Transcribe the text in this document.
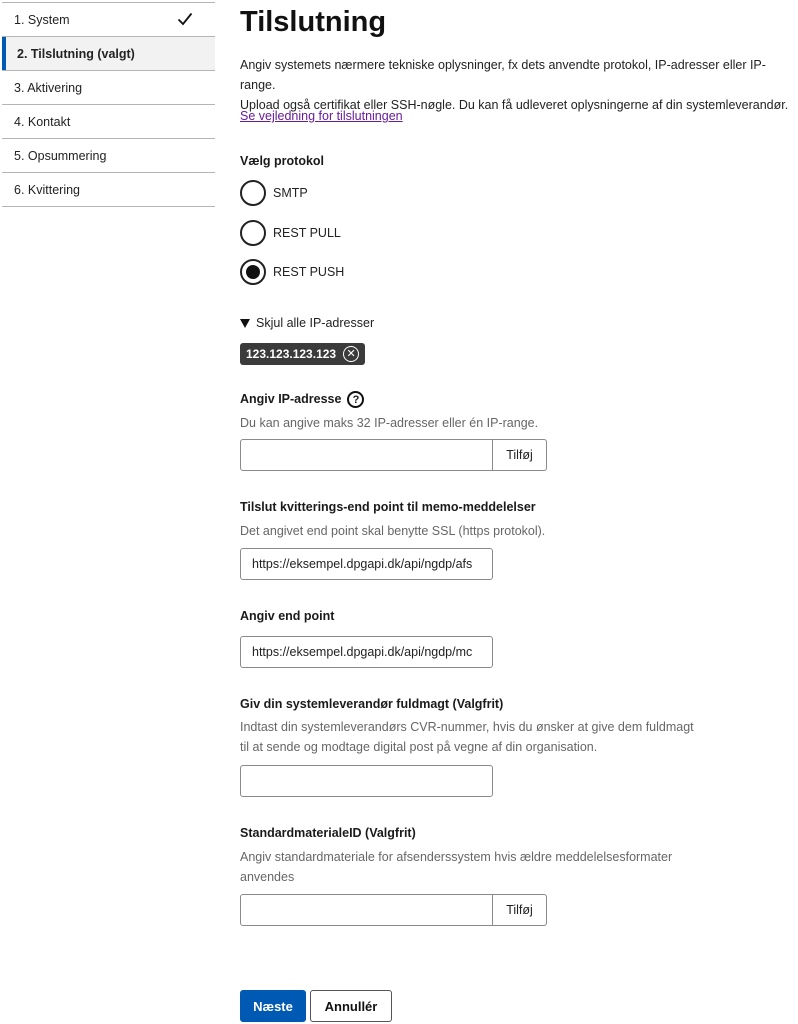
1. System
2. Tilslutning (valgt)
3. Aktivering
4. Kontakt
5. Opsummering
6. Kvittering
Tilslutning
Angiv systemets nærmere tekniske oplysninger, fx dets anvendte protokol, IP-adresser eller IP-range.
Upload også certifikat eller SSH-nøgle. Du kan få udleveret oplysningerne af din systemleverandør.
Se vejledning for tilslutningen
Vælg protokol
SMTP
REST PULL
REST PUSH
Skjul alle IP-adresser
123.123.123.123 ✕
Angiv IP-adresse ?
Du kan angive maks 32 IP-adresser eller én IP-range.
Tilføj
Tilslut kvitterings-end point til memo-meddelelser
Det angivet end point skal benytte SSL (https protokol).
https://eksempel.dpgapi.dk/api/ngdp/afs
Angiv end point
https://eksempel.dpgapi.dk/api/ngdp/mc
Giv din systemleverandør fuldmagt (Valgfrit)
Indtast din systemleverandørs CVR-nummer, hvis du ønsker at give dem fuldmagt
til at sende og modtage digital post på vegne af din organisation.
StandardmaterialeID (Valgfrit)
Angiv standardmateriale for afsenderssystem hvis ældre meddelelsesformater
anvendes
Tilføj
Næste	Annullér
